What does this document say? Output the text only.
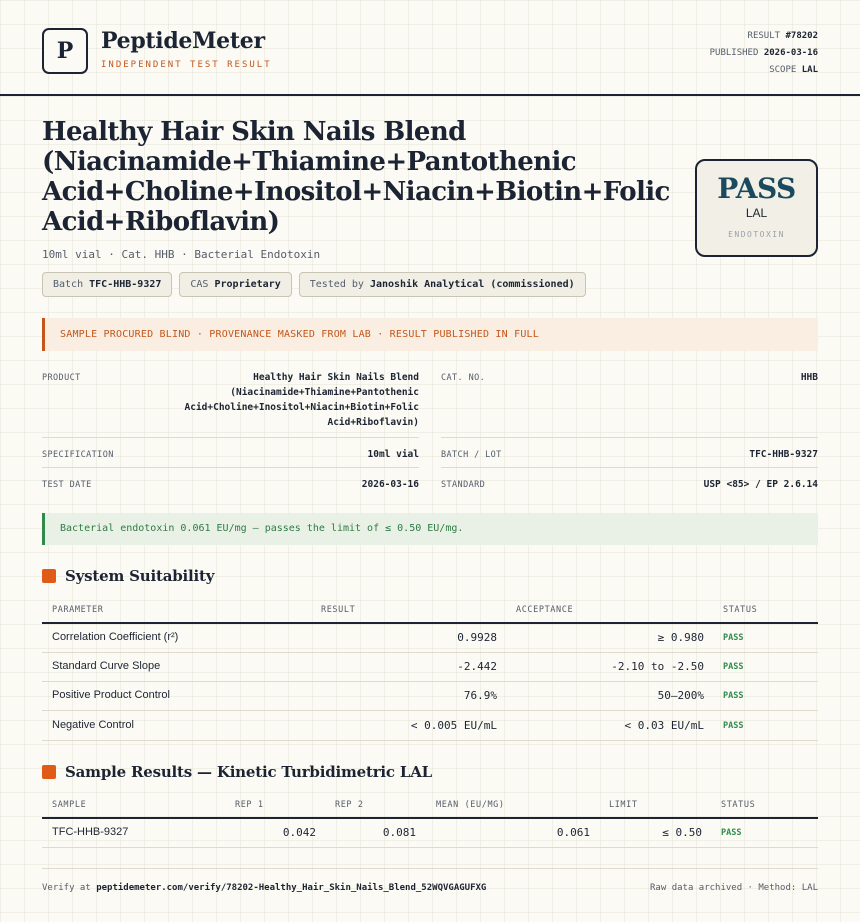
P	PeptideMeter
INDEPENDENT TEST RESULT
RESULT #78202
PUBLISHED 2026-03-16
SCOPE LAL
Healthy Hair Skin Nails Blend (Niacinamide+Thiamine+Pantothenic Acid+Choline+Inositol+Niacin+Biotin+Folic Acid+Riboflavin)
10ml vial · Cat. HHB · Bacterial Endotoxin
Batch TFC-HHB-9327	CAS Proprietary	Tested by Janoshik Analytical (commissioned)
PASS
LAL
ENDOTOXIN
SAMPLE PROCURED BLIND · PROVENANCE MASKED FROM LAB · RESULT PUBLISHED IN FULL
PRODUCT	Healthy Hair Skin Nails Blend
(Niacinamide+Thiamine+Pantothenic
Acid+Choline+Inositol+Niacin+Biotin+Folic
Acid+Riboflavin)
CAT. NO.	HHB
SPECIFICATION	10ml vial	BATCH / LOT	TFC-HHB-9327
TEST DATE	2026-03-16	STANDARD	USP <85> / EP 2.6.14
Bacterial endotoxin 0.061 EU/mg — passes the limit of ≤ 0.50 EU/mg.
System Suitability
PARAMETER	RESULT	ACCEPTANCE	STATUS
Correlation Coefficient (r²)	0.9928	≥ 0.980 PASS
Standard Curve Slope	-2.442	-2.10 to -2.50 PASS
Positive Product Control	76.9%	50–200% PASS
Negative Control	< 0.005 EU/mL	< 0.03 EU/mL PASS
Sample Results — Kinetic Turbidimetric LAL
SAMPLE	REP 1	REP 2	MEAN (EU/MG)	LIMIT	STATUS
TFC-HHB-9327	0.042	0.081	0.061	≤ 0.50 PASS
Verify at peptidemeter.com/verify/78202-Healthy_Hair_Skin_Nails_Blend_52WQVGAGUFXG	Raw data archived · Method: LAL
